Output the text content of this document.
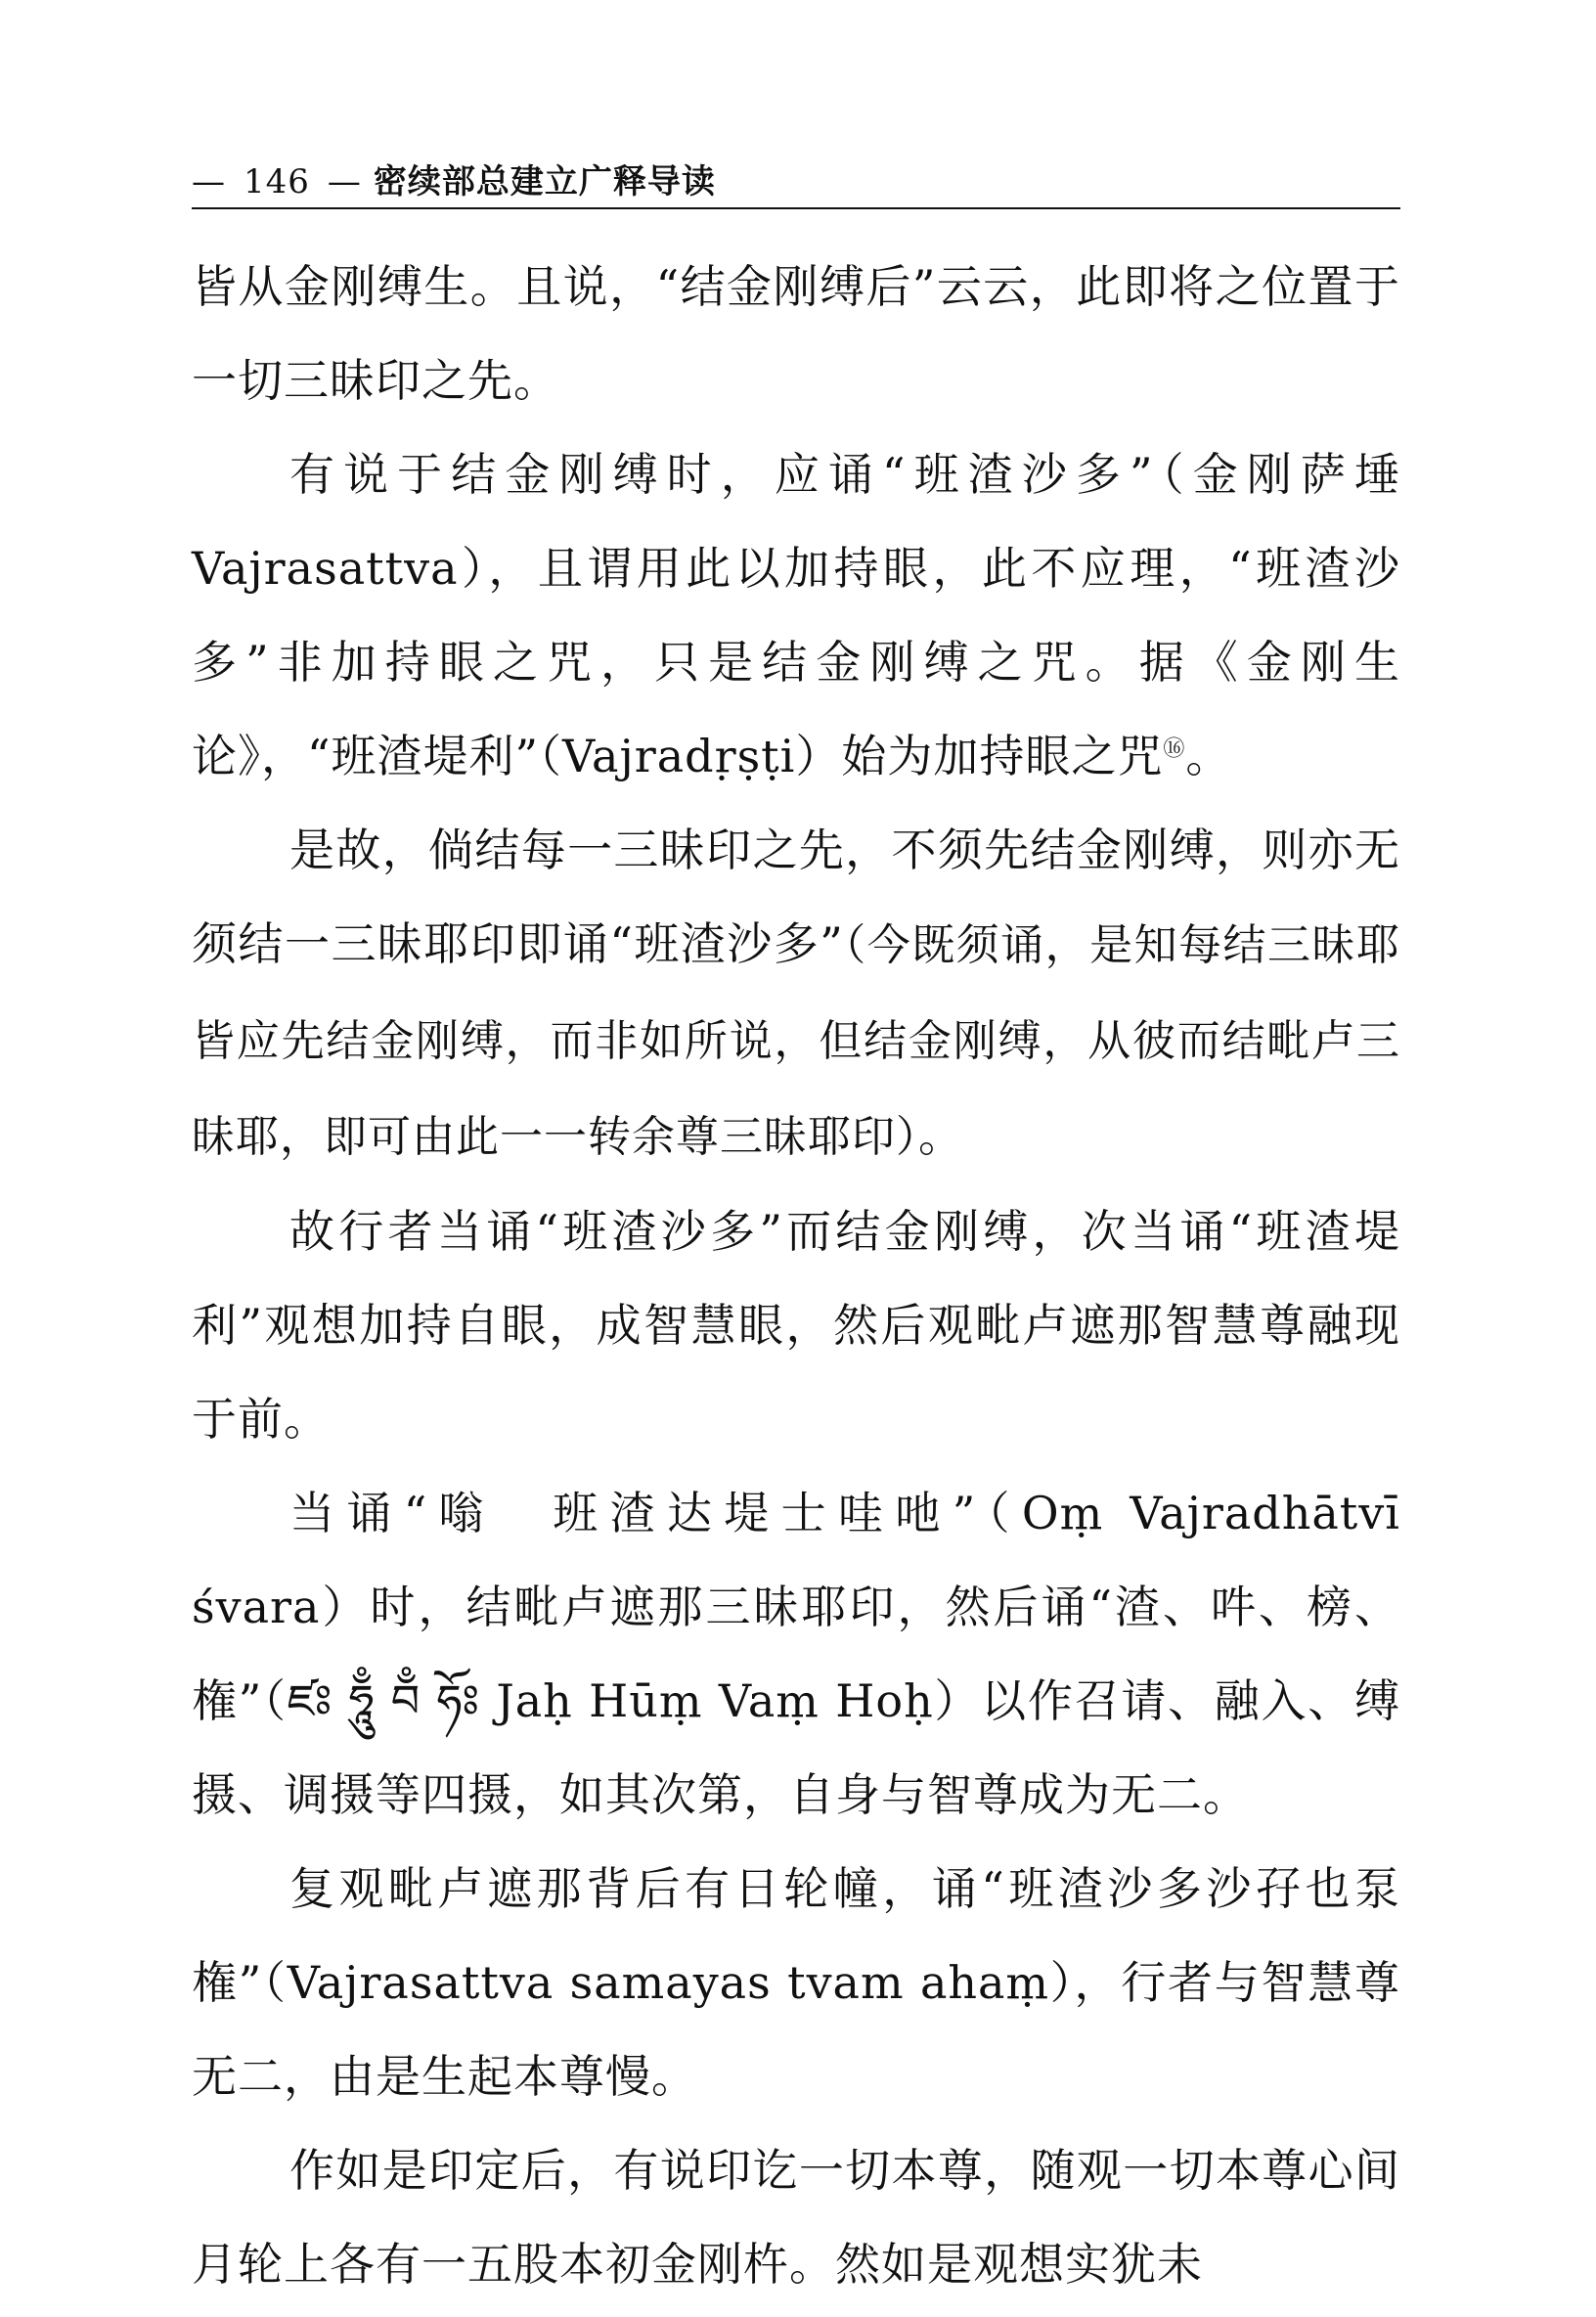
— 146 — 密续部总建立广释导读

皆从金刚缚生。且说，“结金刚缚后”云云，此即将之位置于一切三昧印之先。

有说于结金刚缚时，应诵“班渣沙多”（金刚萨埵 Vajrasattva），且谓用此以加持眼，此不应理，“班渣沙多”非加持眼之咒，只是结金刚缚之咒。据《金刚生论》，“班渣堤利”（Vajradṛṣṭi）始为加持眼之咒⑯。

是故，倘结每一三昧印之先，不须先结金刚缚，则亦无须结一三昧耶印即诵“班渣沙多”（今既须诵，是知每结三昧耶皆应先结金刚缚，而非如所说，但结金刚缚，从彼而结毗卢三昧耶，即可由此一一转余尊三昧耶印）。

故行者当诵“班渣沙多”而结金刚缚，次当诵“班渣堤利”观想加持自眼，成智慧眼，然后观毗卢遮那智慧尊融现于前。

当诵“嗡　班渣达堤士哇吔”（Oṃ Vajradhātvī śvara）时，结毗卢遮那三昧耶印，然后诵“渣、吽、榜、権”（ཛཿ ཧཱུྃ བྃ ཧོཿ Jaḥ Hūṃ Vaṃ Hoḥ）以作召请、融入、缚摄、调摄等四摄，如其次第，自身与智尊成为无二。

复观毗卢遮那背后有日轮幢，诵“班渣沙多沙孖也泵権”（Vajrasattva samayas tvam ahaṃ），行者与智慧尊无二，由是生起本尊慢。

作如是印定后，有说印讫一切本尊，随观一切本尊心间月轮上各有一五股本初金刚杵。然如是观想实犹未
